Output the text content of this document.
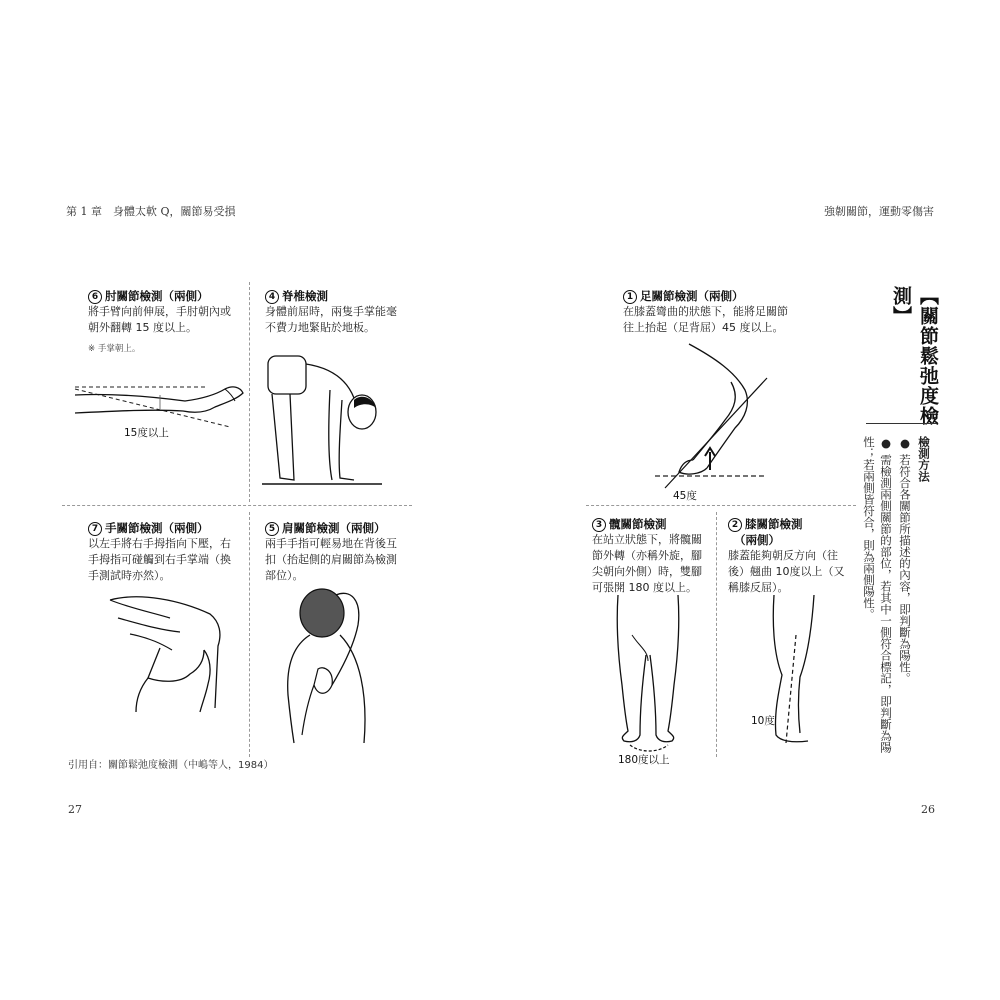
第 1 章　身體太軟 Q，關節易受損	強韌關節，運動零傷害
27	26
6 肘關節檢測（兩側）
將手臂向前伸展，手肘朝內或
朝外翻轉 15 度以上。
※ 手掌朝上。
15度以上
4 脊椎檢測
身體前屈時，兩隻手掌能毫
不費力地緊貼於地板。
7 手關節檢測（兩側）
以左手將右手拇指向下壓，右
手拇指可碰觸到右手掌端（換
手測試時亦然）。
5 肩關節檢測（兩側）
兩手手指可輕易地在背後互
扣（抬起側的肩關節為檢測
部位）。
引用自：關節鬆弛度檢測（中嶋等人，1984）
1 足關節檢測（兩側）
在膝蓋彎曲的狀態下，能將足關節
往上抬起（足背屈）45 度以上。
45度
3 髖關節檢測
在站立狀態下，將髖關
節外轉（亦稱外旋，腳
尖朝向外側）時，雙腳
可張開 180 度以上。
180度以上
2 膝關節檢測
（兩側）
膝蓋能夠朝反方向（往
後）翹曲 10度以上（又
稱膝反屈）。
10度
【關節鬆弛度檢測】
檢測方法
● 若符合各關節所描述的內容，即判斷為陽性。
● 需檢測兩側關節的部位，若其中一側符合標記，即判斷為陽性；若兩側皆符合，則為兩側陽性。
